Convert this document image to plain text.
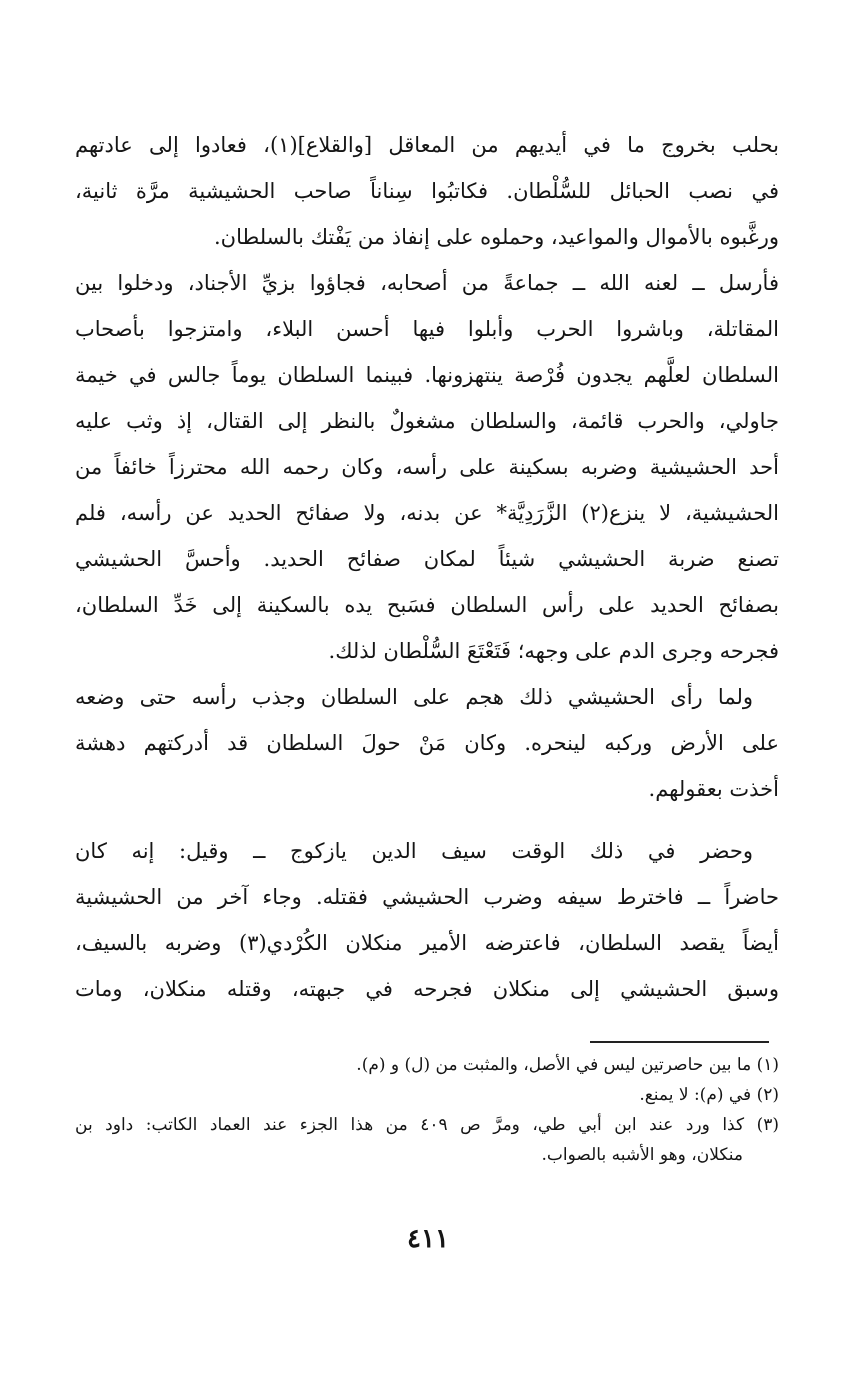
بحلب بخروج ما في أيديهم من المعاقل [والقلاع](١)، فعادوا إلى عادتهم
في نصب الحبائل للسُّلْطان. فكاتبُوا سِناناً صاحب الحشيشية مرَّة ثانية،
ورغَّبوه بالأموال والمواعيد، وحملوه على إنفاذ من يَفْتك بالسلطان.
فأرسل ــ لعنه الله ــ جماعةً من أصحابه، فجاؤوا بزيِّ الأجناد، ودخلوا بين
المقاتلة، وباشروا الحرب وأبلوا فيها أحسن البلاء، وامتزجوا بأصحاب
السلطان لعلَّهم يجدون فُرْصة ينتهزونها. فبينما السلطان يوماً جالس في خيمة
جاولي، والحرب قائمة، والسلطان مشغولٌ بالنظر إلى القتال، إذ وثب عليه
أحد الحشيشية وضربه بسكينة على رأسه، وكان رحمه الله محترزاً خائفاً من
الحشيشية، لا ينزع(٢) الزَّرَدِيَّة* عن بدنه، ولا صفائح الحديد عن رأسه، فلم
تصنع ضربة الحشيشي شيئاً لمكان صفائح الحديد. وأحسَّ الحشيشي
بصفائح الحديد على رأس السلطان فسَبح يده بالسكينة إلى خَدِّ السلطان،
فجرحه وجرى الدم على وجهه؛ فَتَعْتَعَ السُّلْطان لذلك.
ولما رأى الحشيشي ذلك هجم على السلطان وجذب رأسه حتى وضعه
على الأرض وركبه لينحره. وكان مَنْ حولَ السلطان قد أدركتهم دهشة
أخذت بعقولهم.
وحضر في ذلك الوقت سيف الدين يازكوج ــ وقيل: إنه كان
حاضراً ــ فاخترط سيفه وضرب الحشيشي فقتله. وجاء آخر من الحشيشية
أيضاً يقصد السلطان، فاعترضه الأمير منكلان الكُرْدي(٣) وضربه بالسيف،
وسبق الحشيشي إلى منكلان فجرحه في جبهته، وقتله منكلان، ومات
(١) ما بين حاصرتين ليس في الأصل، والمثبت من (ل) و (م).
(٢) في (م): لا يمنع.
(٣) كذا ورد عند ابن أبي طي، ومرَّ ص ٤٠٩ من هذا الجزء عند العماد الكاتب: داود بن
منكلان، وهو الأشبه بالصواب.
٤١١
